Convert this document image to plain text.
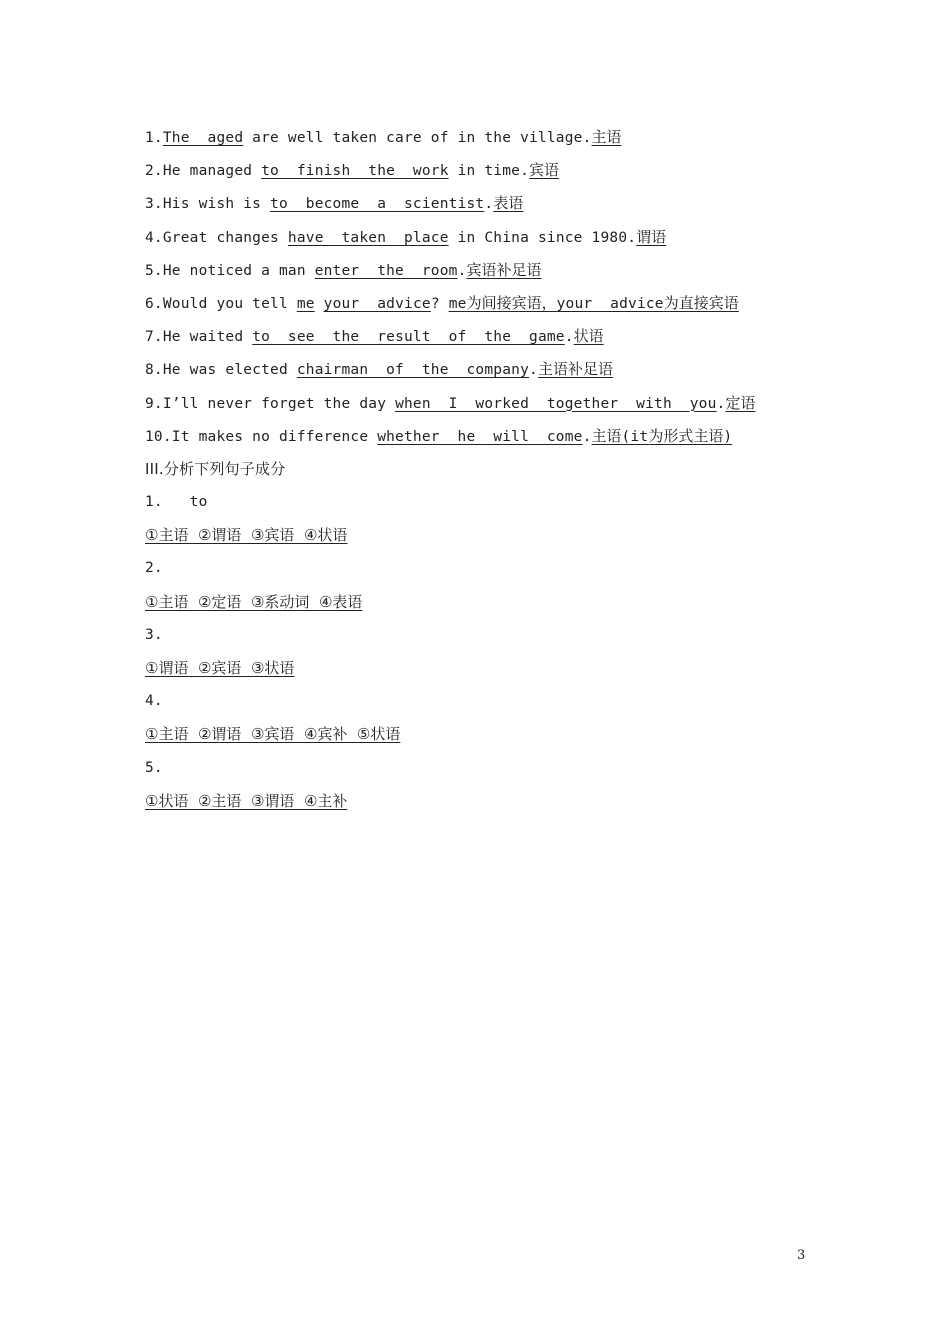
1.The  aged are well taken care of in the village.主语
2.He managed to  finish  the  work in time.宾语
3.His wish is to  become  a  scientist.表语
4.Great changes have  taken  place in China since 1980.谓语
5.He noticed a man enter  the  room.宾语补足语
6.Would you tell me your  advice? me为间接宾语，your  advice为直接宾语
7.He waited to  see  the  result  of  the  game.状语
8.He was elected chairman  of  the  company.主语补足语
9.I’ll never forget the day when  I  worked  together  with  you.定语
10.It makes no difference whether  he  will  come.主语(it为形式主语)
III.分析下列句子成分
1.   to
①主语  ②谓语  ③宾语  ④状语
2.
①主语  ②定语  ③系动词  ④表语
3.
①谓语  ②宾语  ③状语
4.
①主语  ②谓语  ③宾语  ④宾补  ⑤状语
5.
①状语  ②主语  ③谓语  ④主补
3
